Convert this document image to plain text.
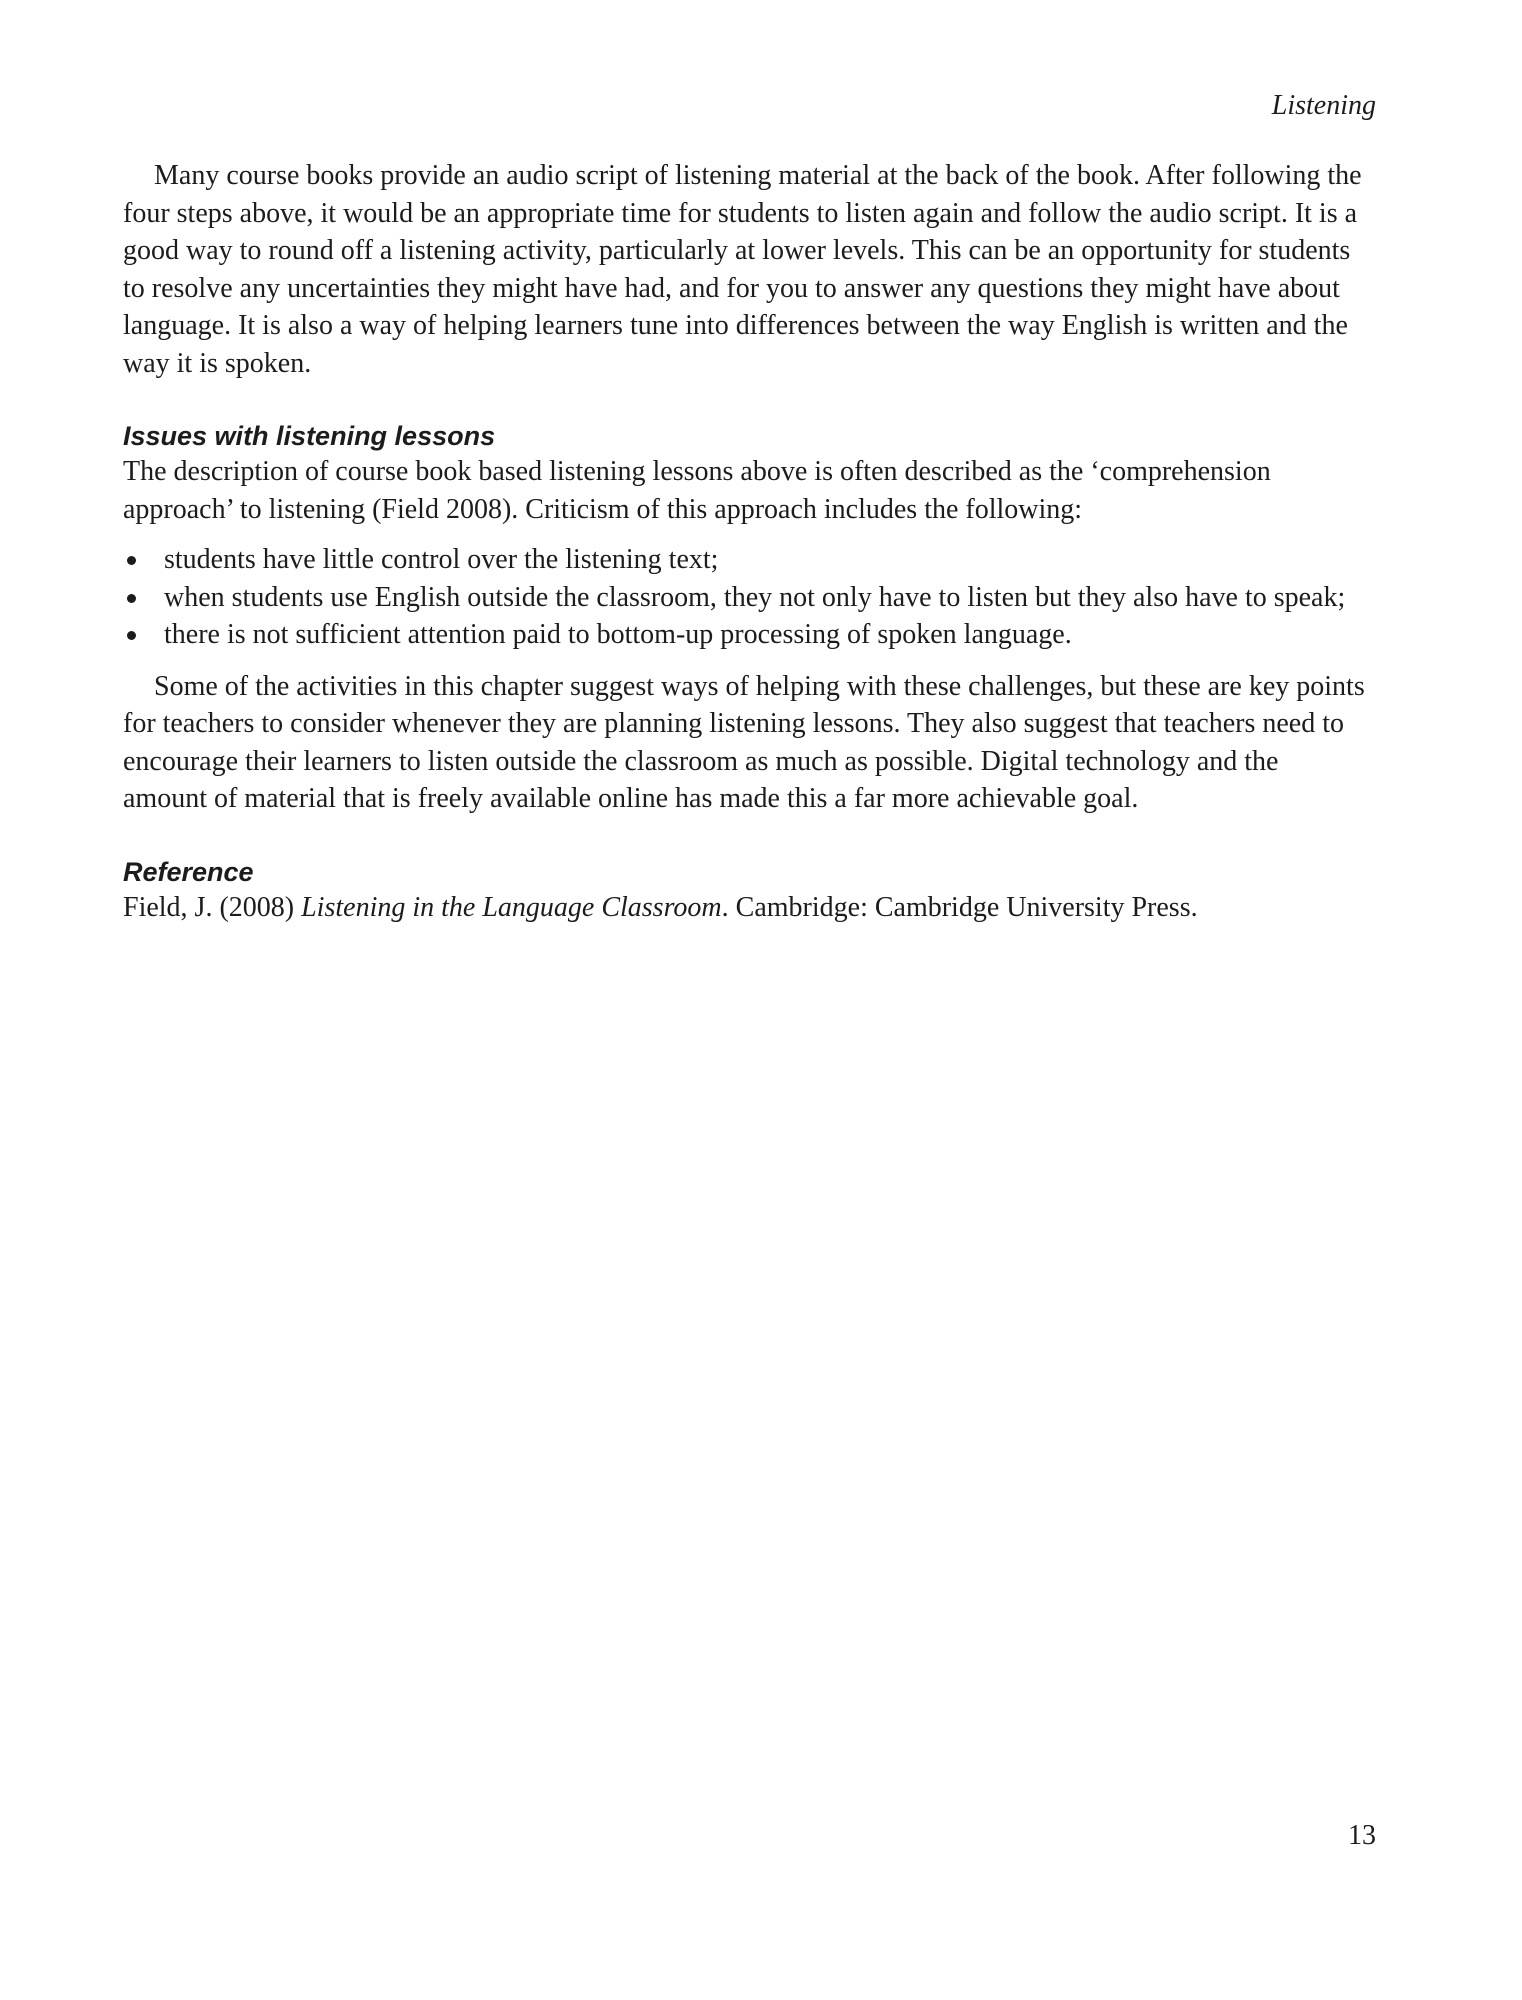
Listening

Many course books provide an audio script of listening material at the back of the book. After following the four steps above, it would be an appropriate time for students to listen again and follow the audio script. It is a good way to round off a listening activity, particularly at lower levels. This can be an opportunity for students to resolve any uncertainties they might have had, and for you to answer any questions they might have about language. It is also a way of helping learners tune into differences between the way English is written and the way it is spoken.

Issues with listening lessons

The description of course book based listening lessons above is often described as the ‘comprehension approach’ to listening (Field 2008). Criticism of this approach includes the following:

students have little control over the listening text;
when students use English outside the classroom, they not only have to listen but they also have to speak;
there is not sufficient attention paid to bottom-up processing of spoken language.

Some of the activities in this chapter suggest ways of helping with these challenges, but these are key points for teachers to consider whenever they are planning listening lessons. They also suggest that teachers need to encourage their learners to listen outside the classroom as much as possible. Digital technology and the amount of material that is freely available online has made this a far more achievable goal.

Reference

Field, J. (2008) Listening in the Language Classroom. Cambridge: Cambridge University Press.

13
